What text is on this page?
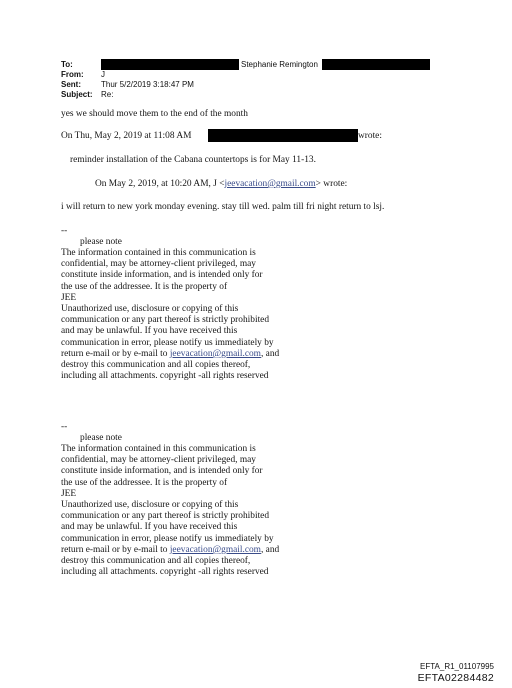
To:	Stephanie Remington
From: J
Sent:	Thur 5/2/2019 3:18:47 PM
Subject: Re:
yes we should move them to the end of the month
On Thu, May 2, 2019 at 11:08 AM	wrote:
reminder installation of the Cabana countertops is for May 11-13.
On May 2, 2019, at 10:20 AM, J <jeevacation@gmail.com> wrote:
i will return to new york monday evening. stay till wed. palm till fri night return to lsj.
--
please note
The information contained in this communication is
confidential, may be attorney-client privileged, may
constitute inside information, and is intended only for
the use of the addressee. It is the property of
JEE
Unauthorized use, disclosure or copying of this
communication or any part thereof is strictly prohibited
and may be unlawful. If you have received this
communication in error, please notify us immediately by
return e-mail or by e-mail to jeevacation@gmail.com, and
destroy this communication and all copies thereof,
including all attachments. copyright -all rights reserved
--
please note
The information contained in this communication is
confidential, may be attorney-client privileged, may
constitute inside information, and is intended only for
the use of the addressee. It is the property of
JEE
Unauthorized use, disclosure or copying of this
communication or any part thereof is strictly prohibited
and may be unlawful. If you have received this
communication in error, please notify us immediately by
return e-mail or by e-mail to jeevacation@gmail.com, and
destroy this communication and all copies thereof,
including all attachments. copyright -all rights reserved
EFTA_R1_01107995
EFTA02284482
